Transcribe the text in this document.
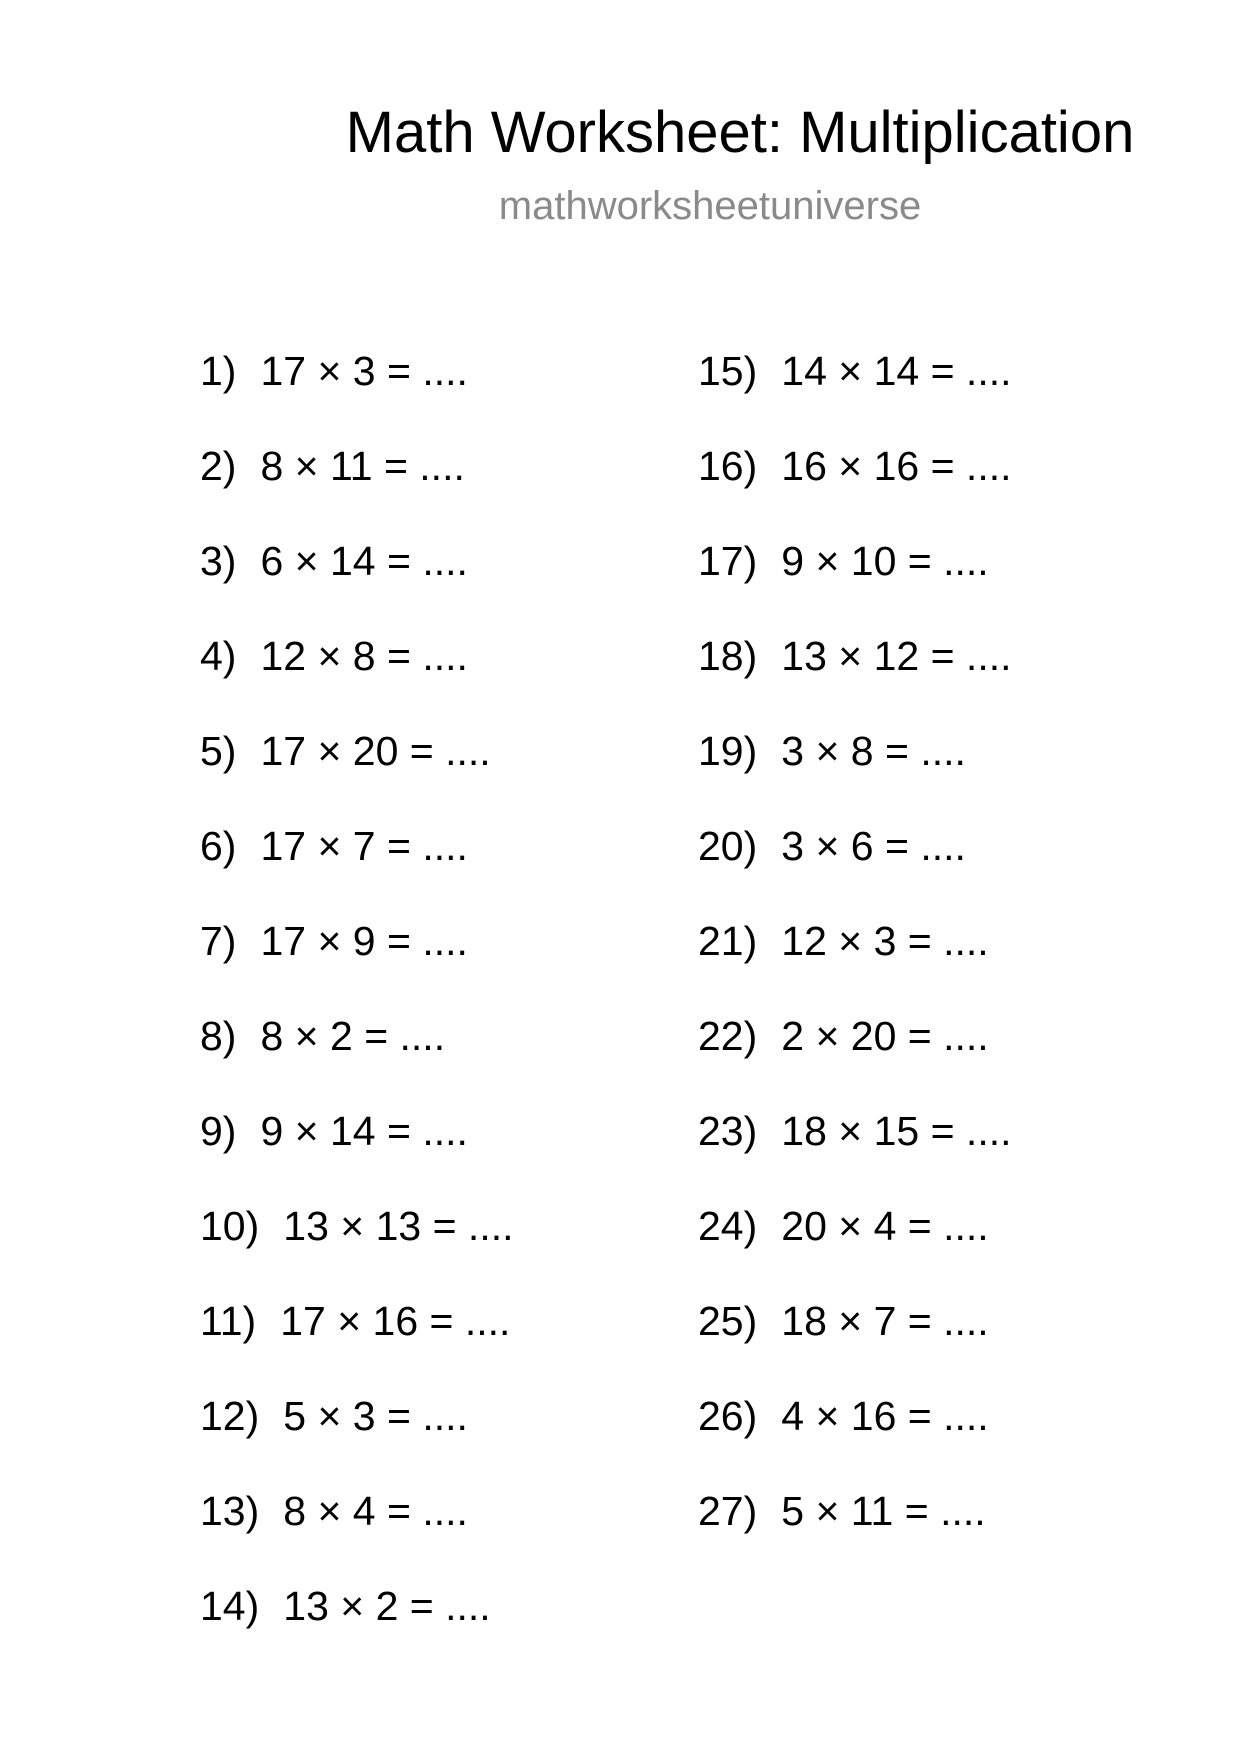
Math Worksheet: Multiplication
mathworksheetuniverse
1) 17 × 3 = ....
2) 8 × 11 = ....
3) 6 × 14 = ....
4) 12 × 8 = ....
5) 17 × 20 = ....
6) 17 × 7 = ....
7) 17 × 9 = ....
8) 8 × 2 = ....
9) 9 × 14 = ....
10) 13 × 13 = ....
11) 17 × 16 = ....
12) 5 × 3 = ....
13) 8 × 4 = ....
14) 13 × 2 = ....
15) 14 × 14 = ....
16) 16 × 16 = ....
17) 9 × 10 = ....
18) 13 × 12 = ....
19) 3 × 8 = ....
20) 3 × 6 = ....
21) 12 × 3 = ....
22) 2 × 20 = ....
23) 18 × 15 = ....
24) 20 × 4 = ....
25) 18 × 7 = ....
26) 4 × 16 = ....
27) 5 × 11 = ....
